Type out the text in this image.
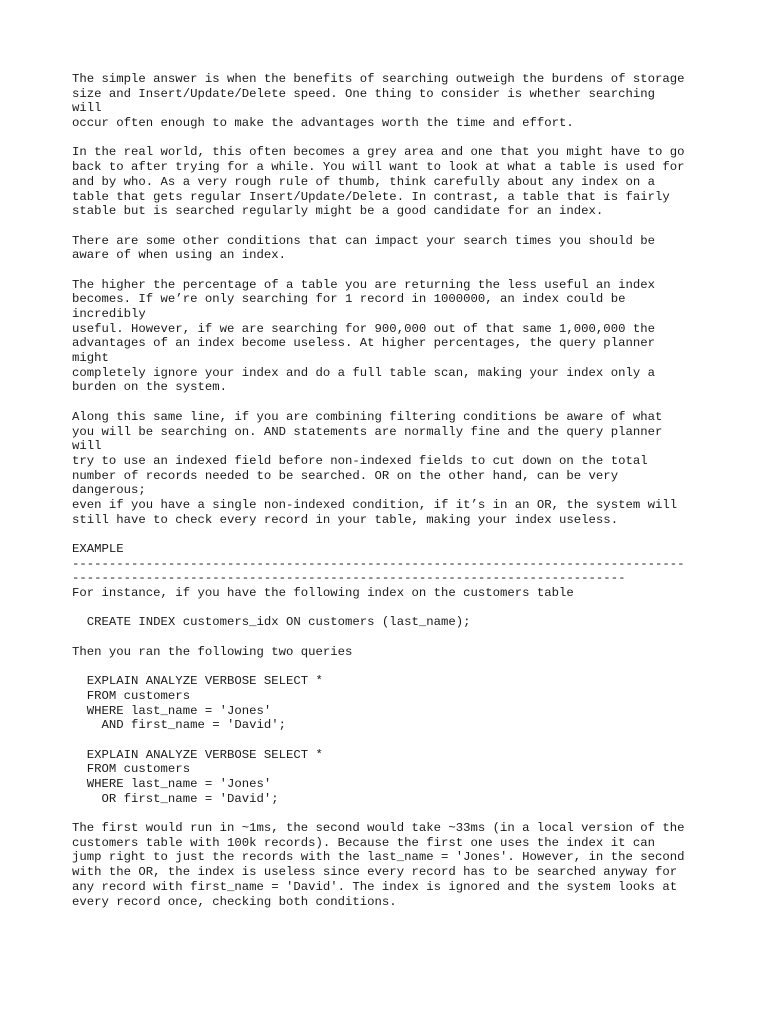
The simple answer is when the benefits of searching outweigh the burdens of storage
size and Insert/Update/Delete speed. One thing to consider is whether searching
will
occur often enough to make the advantages worth the time and effort.
In the real world, this often becomes a grey area and one that you might have to go
back to after trying for a while. You will want to look at what a table is used for
and by who. As a very rough rule of thumb, think carefully about any index on a
table that gets regular Insert/Update/Delete. In contrast, a table that is fairly
stable but is searched regularly might be a good candidate for an index.
There are some other conditions that can impact your search times you should be
aware of when using an index.
The higher the percentage of a table you are returning the less useful an index
becomes. If we’re only searching for 1 record in 1000000, an index could be
incredibly
useful. However, if we are searching for 900,000 out of that same 1,000,000 the
advantages of an index become useless. At higher percentages, the query planner
might
completely ignore your index and do a full table scan, making your index only a
burden on the system.
Along this same line, if you are combining filtering conditions be aware of what
you will be searching on. AND statements are normally fine and the query planner
will
try to use an indexed field before non-indexed fields to cut down on the total
number of records needed to be searched. OR on the other hand, can be very
dangerous;
even if you have a single non-indexed condition, if it’s in an OR, the system will
still have to check every record in your table, making your index useless.
EXAMPLE
-----------------------------------------------------------------------------------
---------------------------------------------------------------------------
For instance, if you have the following index on the customers table
CREATE INDEX customers_idx ON customers (last_name);
Then you ran the following two queries
EXPLAIN ANALYZE VERBOSE SELECT *
FROM customers
WHERE last_name = 'Jones'
AND first_name = 'David';
EXPLAIN ANALYZE VERBOSE SELECT *
FROM customers
WHERE last_name = 'Jones'
OR first_name = 'David';
The first would run in ~1ms, the second would take ~33ms (in a local version of the
customers table with 100k records). Because the first one uses the index it can
jump right to just the records with the last_name = 'Jones'. However, in the second
with the OR, the index is useless since every record has to be searched anyway for
any record with first_name = 'David'. The index is ignored and the system looks at
every record once, checking both conditions.
